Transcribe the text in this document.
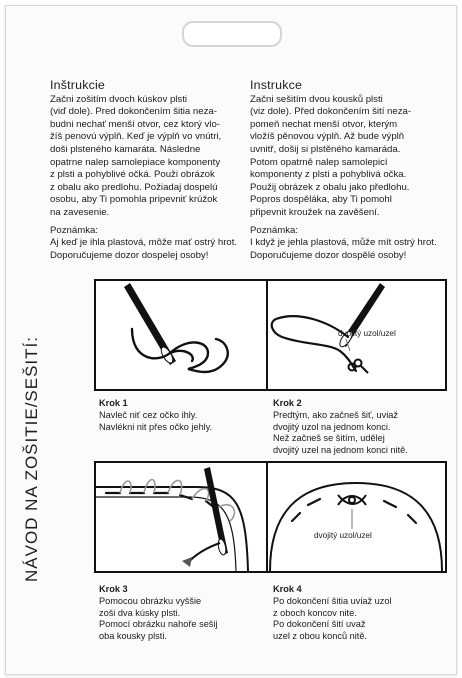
Inštrukcie
Začni zošitím dvoch kúskov plsti
(viď dole). Pred dokončením šitia neza-
budni nechať menší otvor, cez ktorý vlo-
žíš penovú výplň. Keď je výplň vo vnútri,
doši plsteného kamaráta. Následne
opatrne nalep samolepiace komponenty
z plsti a pohyblivé očká. Použi obrázok
z obalu ako predlohu. Požiadaj dospelú
osobu, aby Ti pomohla pripevniť krúžok
na zavesenie.
Poznámka:
Aj keď je ihla plastová, môže mať ostrý hrot.
Doporučujeme dozor dospelej osoby!
Instrukce
Začni sešitím dvou kousků plsti
(viz dole). Před dokončením šití neza-
pomeň nechat menší otvor, kterým
vložíš pěnovou výplň. Až bude výplň
uvnitř, došij si plstěného kamaráda.
Potom opatrně nalep samolepicí
komponenty z plsti a pohyblivá očka.
Použij obrázek z obalu jako předlohu.
Popros dospěláka, aby Ti pomohl
připevnit kroužek na zavěšení.
Poznámka:
I když je jehla plastová, může mít ostrý hrot.
Doporučujeme dozor dospělé osoby!
NÁVOD NA ZOŠITIE/SEŠITÍ:
dvojitý uzol/uzel
dvojitý uzol/uzel
Krok 1
Navleč niť cez očko ihly.
Navlékni nit přes očko jehly.
Krok 2
Predtým, ako začneš šiť, uviaž
dvojitý uzol na jednom konci.
Než začneš se šitím, udělej
dvojitý uzel na jednom konci nitě.
Krok 3
Pomocou obrázku vyššie
zoši dva kúsky plsti.
Pomocí obrázku nahoře sešij
oba kousky plsti.
Krok 4
Po dokončení šitia uviaž uzol
z oboch koncov nite.
Po dokončení šití uvaž
uzel z obou konců nitě.
